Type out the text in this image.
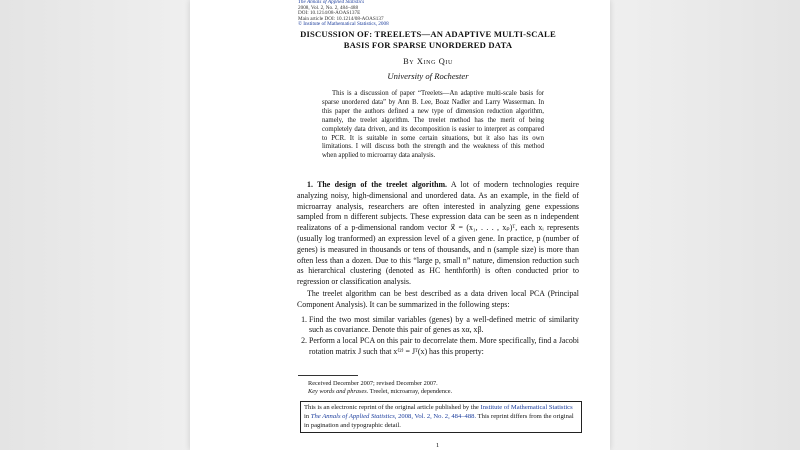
The Annals of Applied Statistics
2008, Vol. 2, No. 2, 484–488
DOI: 10.1214/08-AOAS137E
Main article DOI: 10.1214/08-AOAS137
© Institute of Mathematical Statistics, 2008
DISCUSSION OF: TREELETS—AN ADAPTIVE MULTI-SCALE
BASIS FOR SPARSE UNORDERED DATA
By Xing Qiu
University of Rochester
This is a discussion of paper “Treelets—An adaptive multi-scale basis for sparse unordered data” by Ann B. Lee, Boaz Nadler and Larry Wasserman. In this paper the authors defined a new type of dimension reduction algorithm, namely, the treelet algorithm. The treelet method has the merit of being completely data driven, and its decomposition is easier to interpret as compared to PCR. It is suitable in some certain situations, but it also has its own limitations. I will discuss both the strength and the weakness of this method when applied to microarray data analysis.

1. The design of the treelet algorithm. A lot of modern technologies require analyzing noisy, high-dimensional and unordered data. As an example, in the field of microarray analysis, researchers are often interested in analyzing gene expessions sampled from n different subjects. These expression data can be seen as n independent realizatons of a p-dimensional random vector x⃗ = (x₁, . . . , xₚ)ᵀ, each xᵢ represents (usually log tranformed) an expression level of a given gene. In practice, p (number of genes) is measured in thousands or tens of thousands, and n (sample size) is more than often less than a dozen. Due to this “large p, small n” nature, dimension reduction such as hierarchical clustering (denoted as HC henthforth) is often conducted prior to regression or classification analysis.

The treelet algorithm can be best described as a data driven local PCA (Principal Component Analysis). It can be summarized in the following steps:

1. Find the two most similar variables (genes) by a well-defined metric of similarity such as covariance. Denote this pair of genes as xα, xβ.
2. Perform a local PCA on this pair to decorrelate them. More specifically, find a Jacobi rotation matrix J such that x⁽²⁾ = Jᵀ(x) has this property:
Received December 2007; revised December 2007.
Key words and phrases. Treelet, microarray, dependence.
This is an electronic reprint of the original article published by the Institute of Mathematical Statistics in The Annals of Applied Statistics, 2008, Vol. 2, No. 2, 484–488. This reprint differs from the original in pagination and typographic detail.
1
